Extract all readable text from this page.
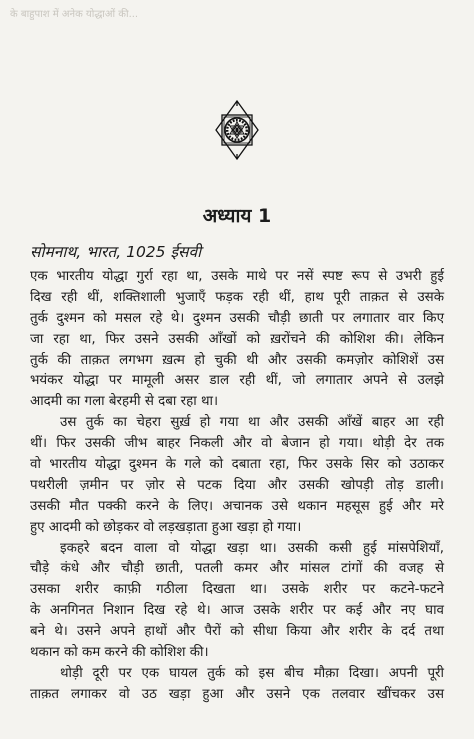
के बाहुपाश में अनेक योद्धाओं की...
अध्याय 1
सोमनाथ, भारत, 1025 ईसवी
एक भारतीय योद्धा गुर्रा रहा था, उसके माथे पर नसें स्पष्ट रूप से उभरी हुई
दिख रही थीं, शक्तिशाली भुजाएँ फड़क रही थीं, हाथ पूरी ताक़त से उसके
तुर्क दुश्मन को मसल रहे थे। दुश्मन उसकी चौड़ी छाती पर लगातार वार किए
जा रहा था, फिर उसने उसकी आँखों को ख़रोंचने की कोशिश की। लेकिन
तुर्क की ताक़त लगभग ख़त्म हो चुकी थी और उसकी कमज़ोर कोशिशें उस
भयंकर योद्धा पर मामूली असर डाल रही थीं, जो लगातार अपने से उलझे
आदमी का गला बेरहमी से दबा रहा था।
उस तुर्क का चेहरा सुर्ख़ हो गया था और उसकी आँखें बाहर आ रही
थीं। फिर उसकी जीभ बाहर निकली और वो बेजान हो गया। थोड़ी देर तक
वो भारतीय योद्धा दुश्मन के गले को दबाता रहा, फिर उसके सिर को उठाकर
पथरीली ज़मीन पर ज़ोर से पटक दिया और उसकी खोपड़ी तोड़ डाली।
उसकी मौत पक्की करने के लिए। अचानक उसे थकान महसूस हुई और मरे
हुए आदमी को छोड़कर वो लड़खड़ाता हुआ खड़ा हो गया।
इकहरे बदन वाला वो योद्धा खड़ा था। उसकी कसी हुई मांसपेशियाँ,
चौड़े कंधे और चौड़ी छाती, पतली कमर और मांसल टांगों की वजह से
उसका शरीर काफ़ी गठीला दिखता था। उसके शरीर पर कटने-फटने
के अनगिनत निशान दिख रहे थे। आज उसके शरीर पर कई और नए घाव
बने थे। उसने अपने हाथों और पैरों को सीधा किया और शरीर के दर्द तथा
थकान को कम करने की कोशिश की।
थोड़ी दूरी पर एक घायल तुर्क को इस बीच मौक़ा दिखा। अपनी पूरी
ताक़त लगाकर वो उठ खड़ा हुआ और उसने एक तलवार खींचकर उस
